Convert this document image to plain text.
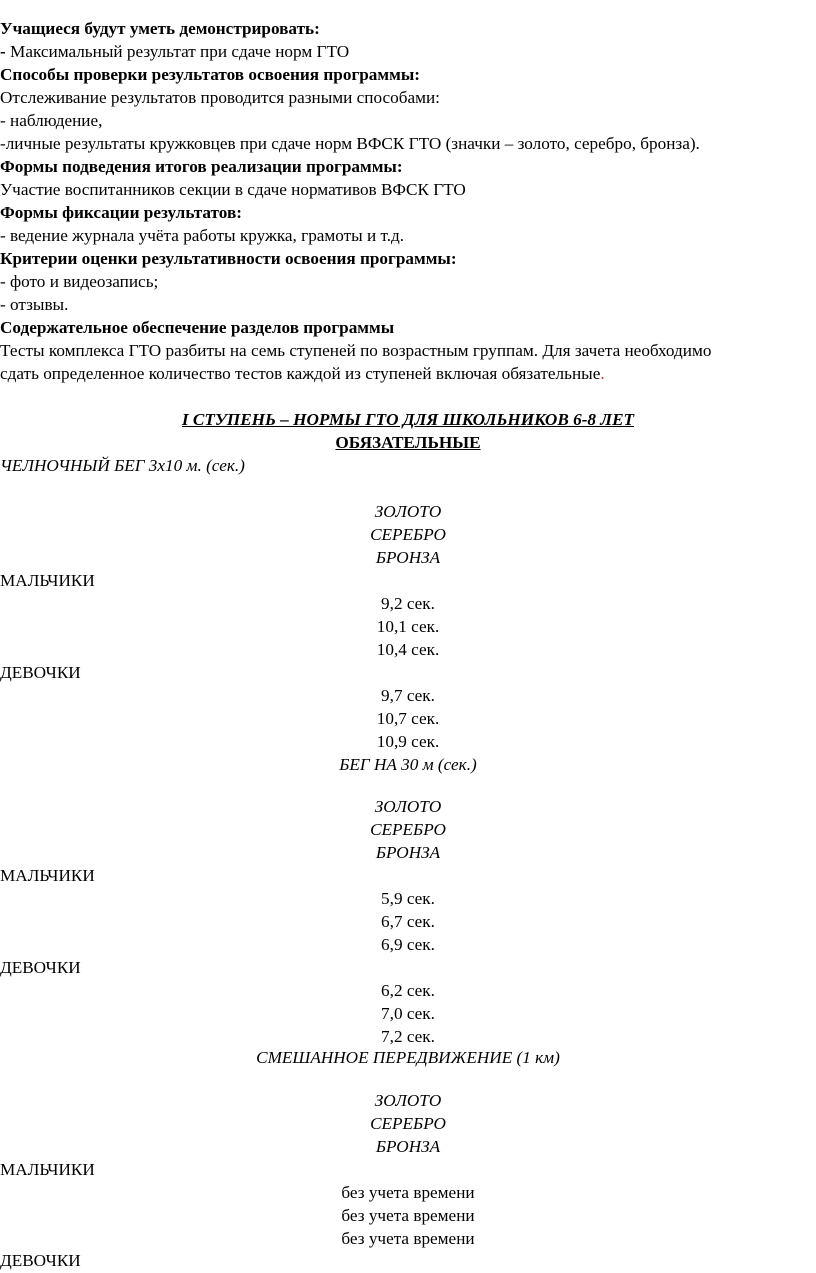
Учащиеся будут уметь демонстрировать:
- Максимальный результат при сдаче норм ГТО
Способы проверки результатов освоения программы:
Отслеживание результатов проводится разными способами:
- наблюдение,
-личные результаты кружковцев при сдаче норм ВФСК ГТО (значки – золото, серебро, бронза).
Формы подведения итогов реализации программы:
Участие воспитанников секции в сдаче нормативов ВФСК ГТО
Формы фиксации результатов:
- ведение журнала учёта работы кружка, грамоты и т.д.
Критерии оценки результативности освоения программы:
- фото и видеозапись;
- отзывы.
Содержательное обеспечение разделов программы
Тесты комплекса ГТО разбиты на семь ступеней по возрастным группам. Для зачета необходимо
сдать определенное количество тестов каждой из ступеней включая обязательные.
I СТУПЕНЬ – НОРМЫ ГТО ДЛЯ ШКОЛЬНИКОВ 6-8 ЛЕТ
ОБЯЗАТЕЛЬНЫЕ
ЧЕЛНОЧНЫЙ БЕГ 3х10 м. (сек.)
ЗОЛОТО
СЕРЕБРО
БРОНЗА
МАЛЬЧИКИ
9,2 сек.
10,1 сек.
10,4 сек.
ДЕВОЧКИ
9,7 сек.
10,7 сек.
10,9 сек.
БЕГ НА 30 м (сек.)
ЗОЛОТО
СЕРЕБРО
БРОНЗА
МАЛЬЧИКИ
5,9 сек.
6,7 сек.
6,9 сек.
ДЕВОЧКИ
6,2 сек.
7,0 сек.
7,2 сек.
СМЕШАННОЕ ПЕРЕДВИЖЕНИЕ (1 км)
ЗОЛОТО
СЕРЕБРО
БРОНЗА
МАЛЬЧИКИ
без учета времени
без учета времени
без учета времени
ДЕВОЧКИ
